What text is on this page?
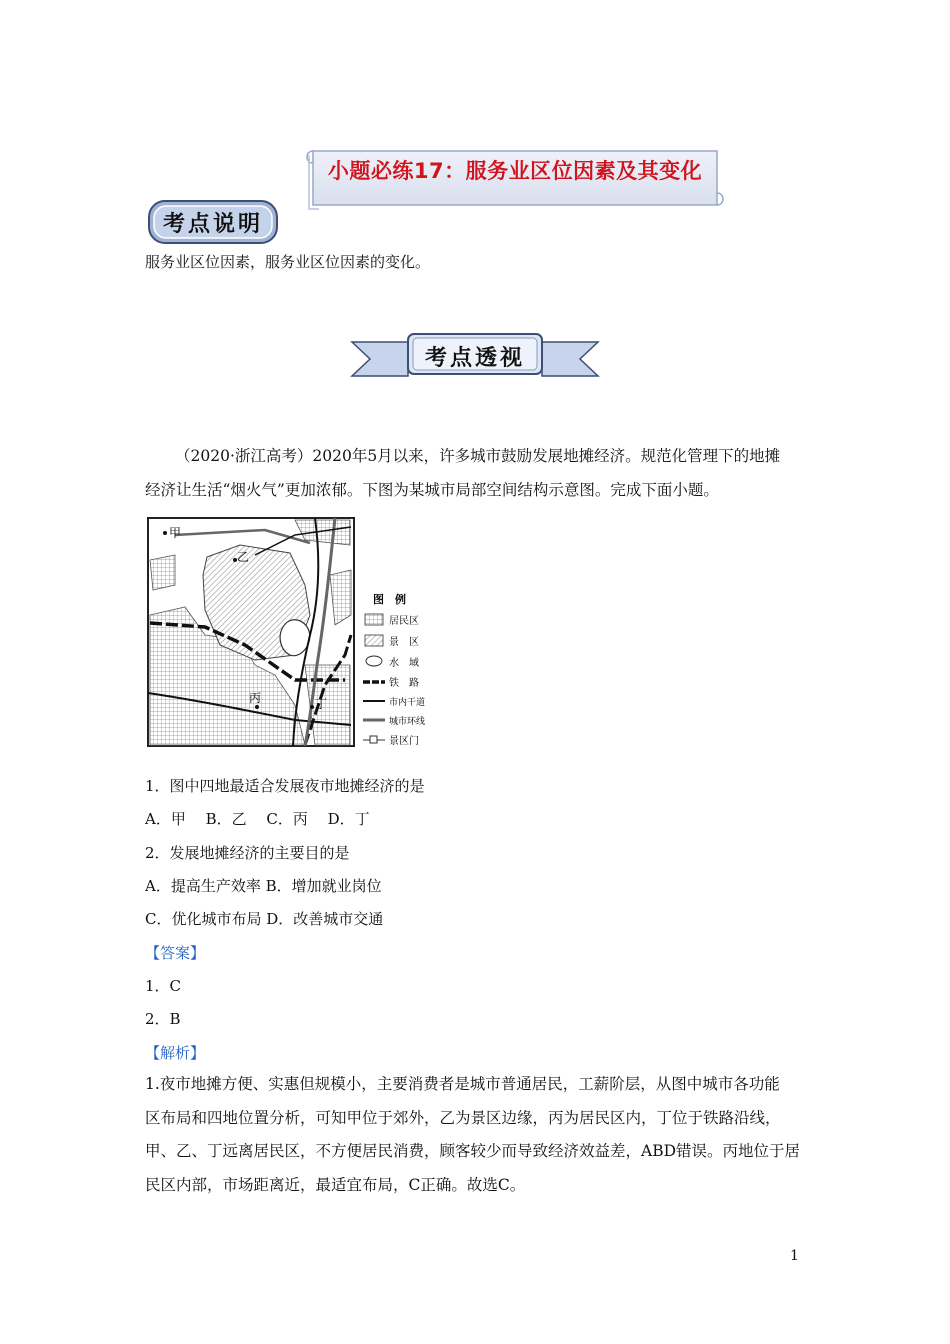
小题必练17：服务业区位因素及其变化
考点说明
服务业区位因素，服务业区位因素的变化。
考点透视
（2020·浙江高考）2020年5月以来，许多城市鼓励发展地摊经济。规范化管理下的地摊
经济让生活“烟火气”更加浓郁。下图为某城市局部空间结构示意图。完成下面小题。
甲
乙
丙	丁
图　例
居民区
景　区
水　域
铁　路
市内干道
城市环线
景区门
1．图中四地最适合发展夜市地摊经济的是
A．甲　 B．乙　 C．丙　 D．丁
2．发展地摊经济的主要目的是
A．提高生产效率 B．增加就业岗位
C．优化城市布局 D．改善城市交通
【答案】
1．C
2．B
【解析】
1.夜市地摊方便、实惠但规模小，主要消费者是城市普通居民，工薪阶层，从图中城市各功能
区布局和四地位置分析，可知甲位于郊外，乙为景区边缘，丙为居民区内，丁位于铁路沿线，
甲、乙、丁远离居民区，不方便居民消费，顾客较少而导致经济效益差，ABD错误。丙地位于居
民区内部，市场距离近，最适宜布局，C正确。故选C。
1
